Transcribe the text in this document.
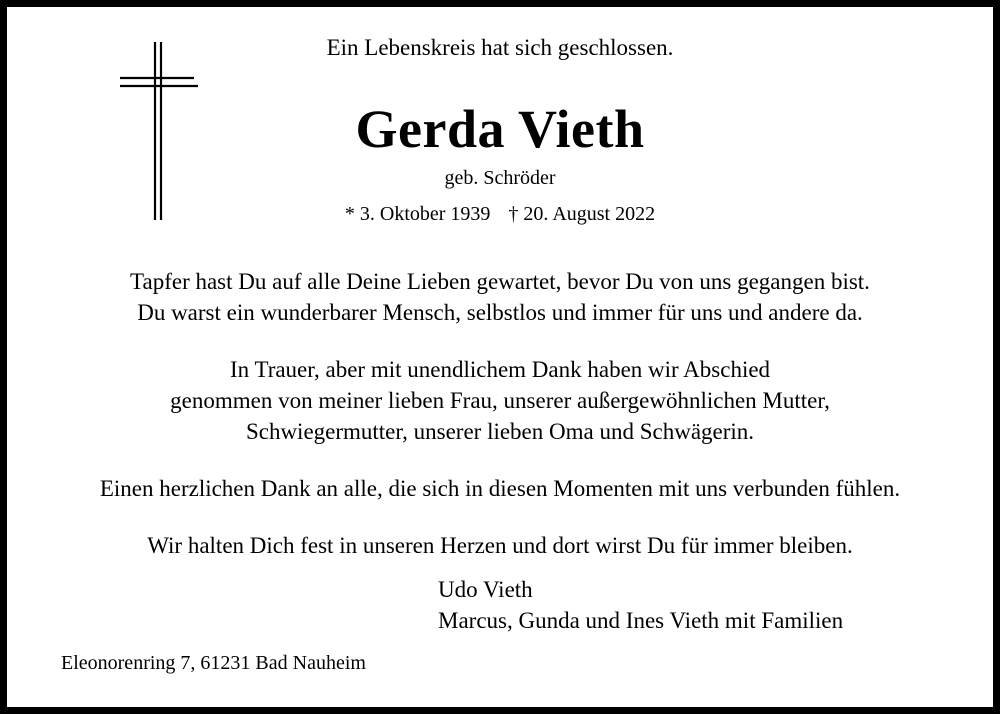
Ein Lebenskreis hat sich geschlossen.
Gerda Vieth
geb. Schröder
* 3. Oktober 1939 † 20. August 2022
Tapfer hast Du auf alle Deine Lieben gewartet, bevor Du von uns gegangen bist.
Du warst ein wunderbarer Mensch, selbstlos und immer für uns und andere da.
In Trauer, aber mit unendlichem Dank haben wir Abschied
genommen von meiner lieben Frau, unserer außergewöhnlichen Mutter,
Schwiegermutter, unserer lieben Oma und Schwägerin.
Einen herzlichen Dank an alle, die sich in diesen Momenten mit uns verbunden fühlen.
Wir halten Dich fest in unseren Herzen und dort wirst Du für immer bleiben.
Udo Vieth
Marcus, Gunda und Ines Vieth mit Familien
Eleonorenring 7, 61231 Bad Nauheim
